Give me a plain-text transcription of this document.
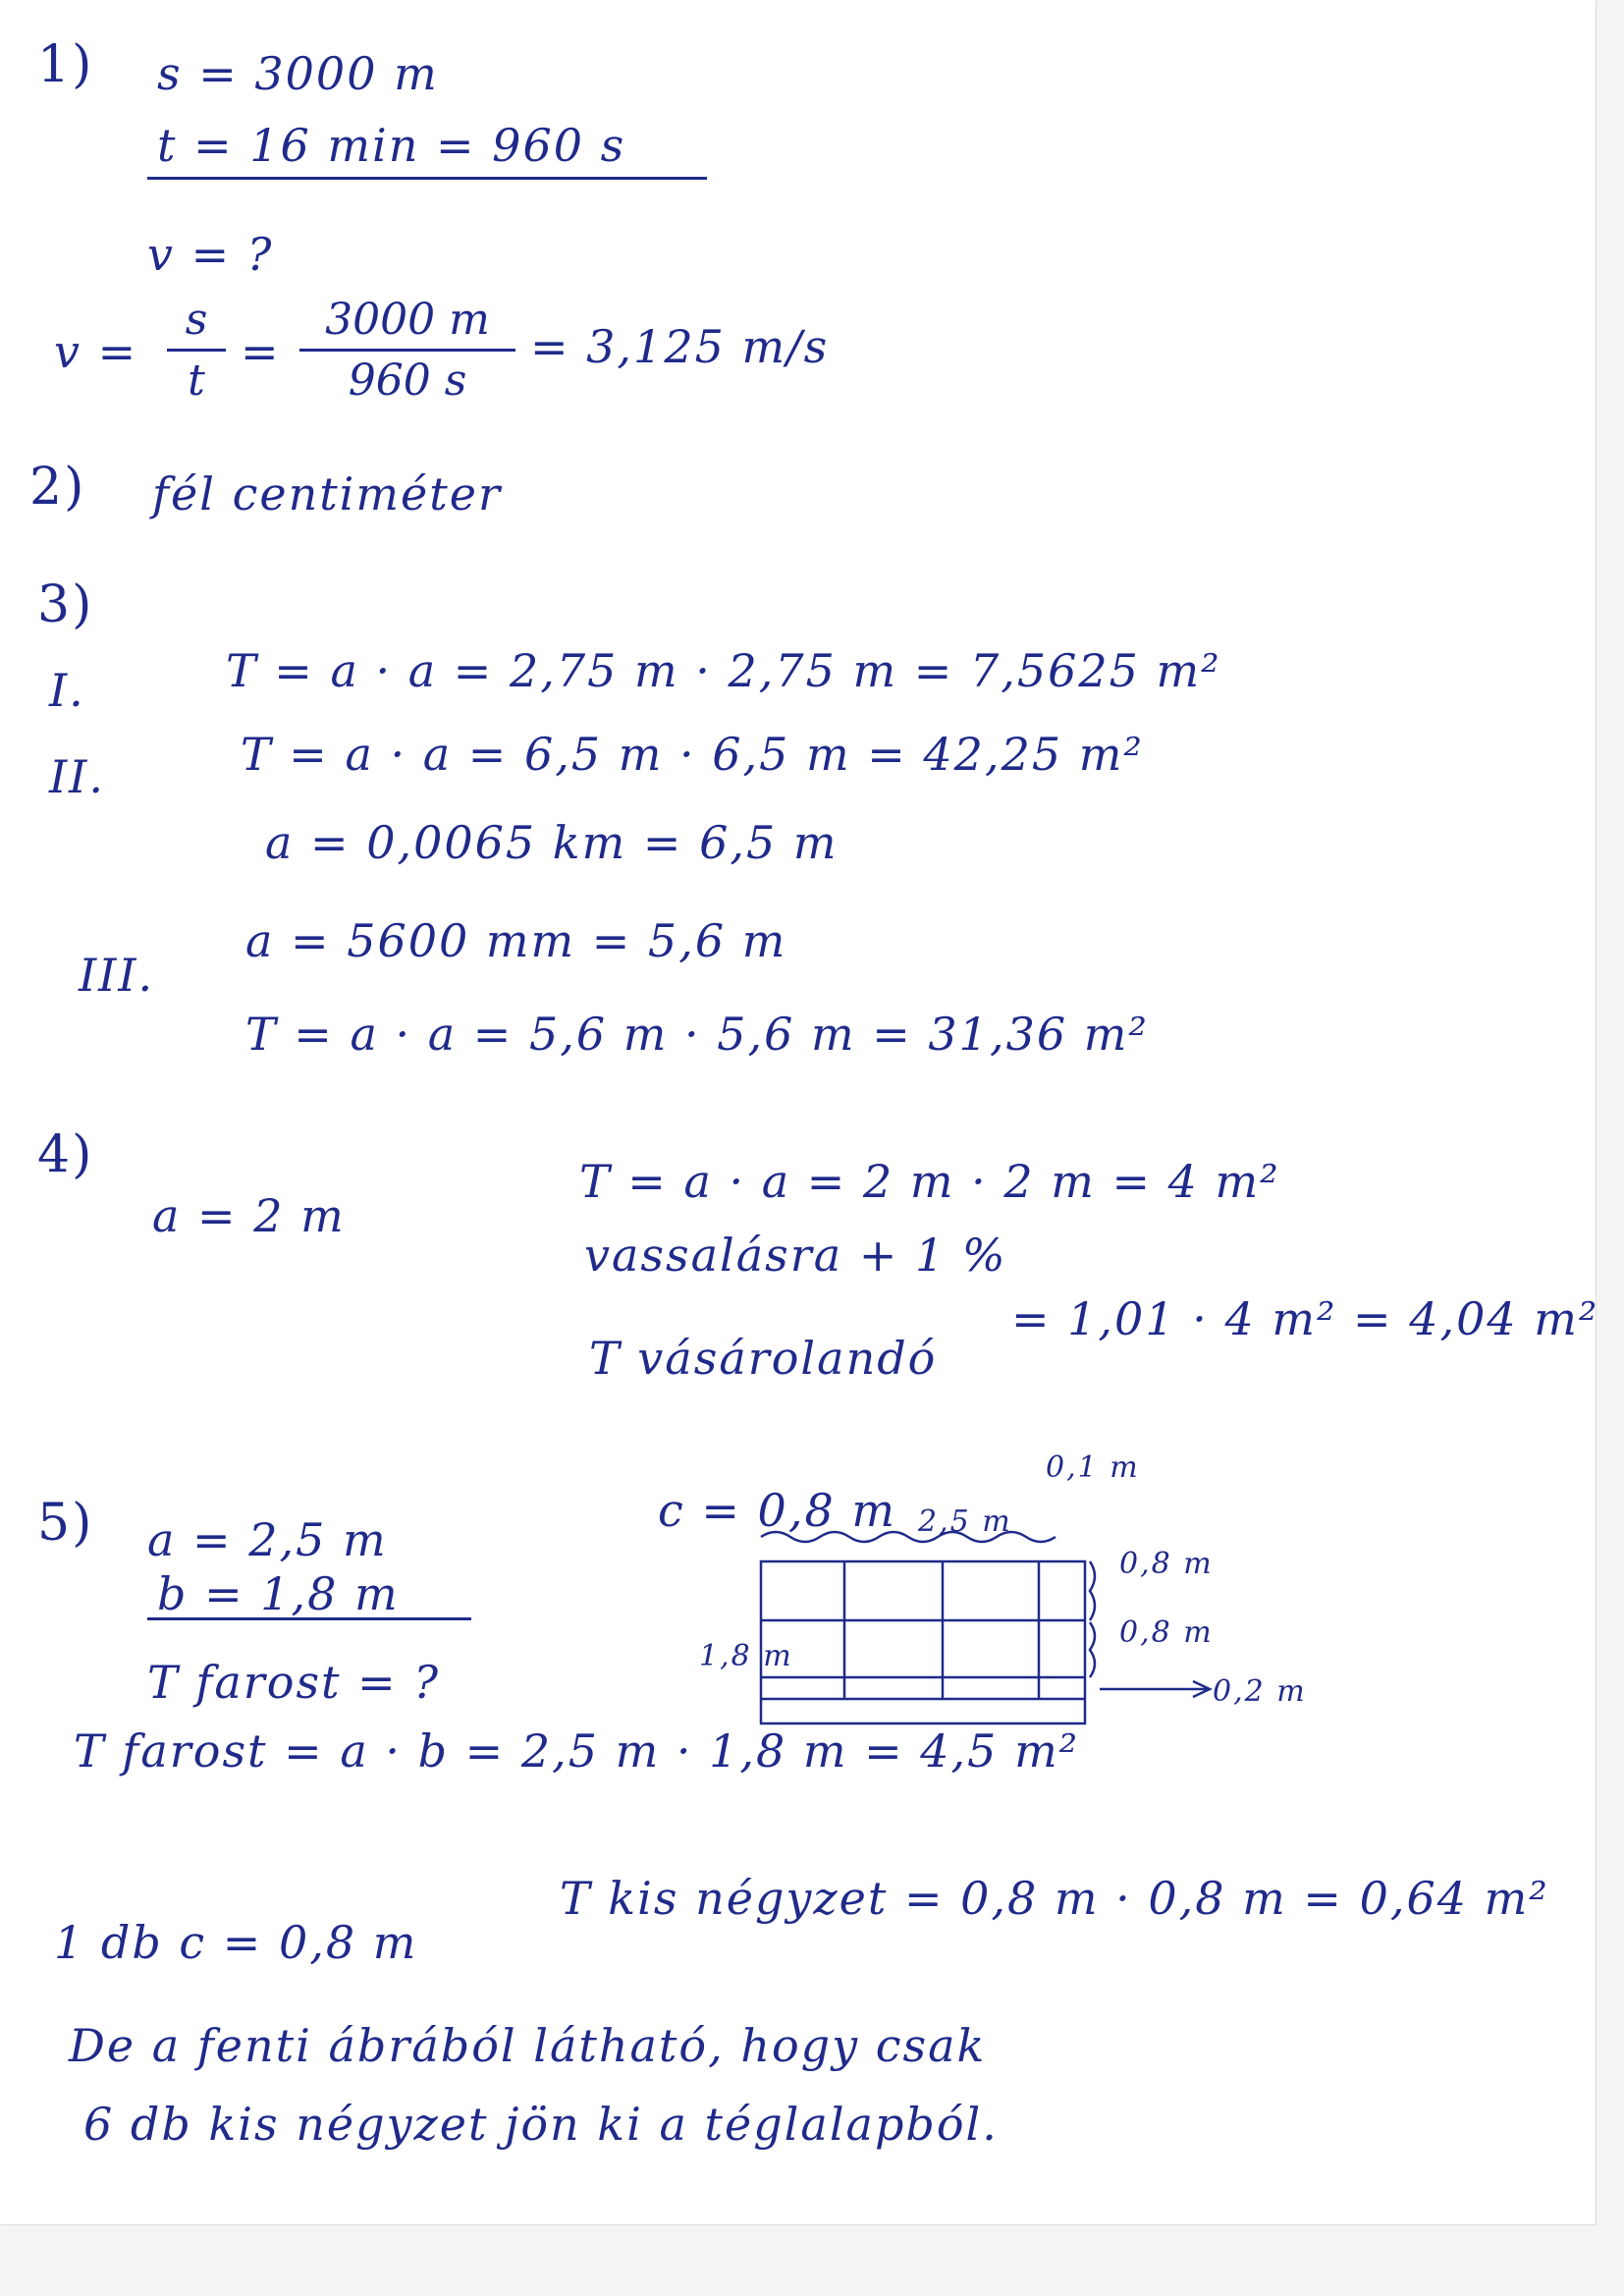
1) s = 3000 m
t = 16 min = 960 s
v = ?
v =
s
t
=
3000 m
960 s
= 3,125 m/s
2) fél centiméter
3)
I.	T = a · a = 2,75 m · 2,75 m = 7,5625 m²
II.	T = a · a = 6,5 m · 6,5 m = 42,25 m²
a = 0,0065 km = 6,5 m
III.
a = 5600 mm = 5,6 m
T = a · a = 5,6 m · 5,6 m = 31,36 m²
4)
a = 2 m
T = a · a = 2 m · 2 m = 4 m²
vassalásra + 1 %
T vásárolandó
= 1,01 · 4 m² = 4,04 m²
5) a = 2,5 m
b = 1,8 m
T farost = ?
c = 0,8 m
0,1 m
2,5 m
1,8 m
0,8 m
0,8 m
0,2 m
T farost = a · b = 2,5 m · 1,8 m = 4,5 m²
1 db c = 0,8 m
T kis négyzet = 0,8 m · 0,8 m = 0,64 m²
De a fenti ábrából látható, hogy csak
6 db kis négyzet jön ki a téglalapból.
